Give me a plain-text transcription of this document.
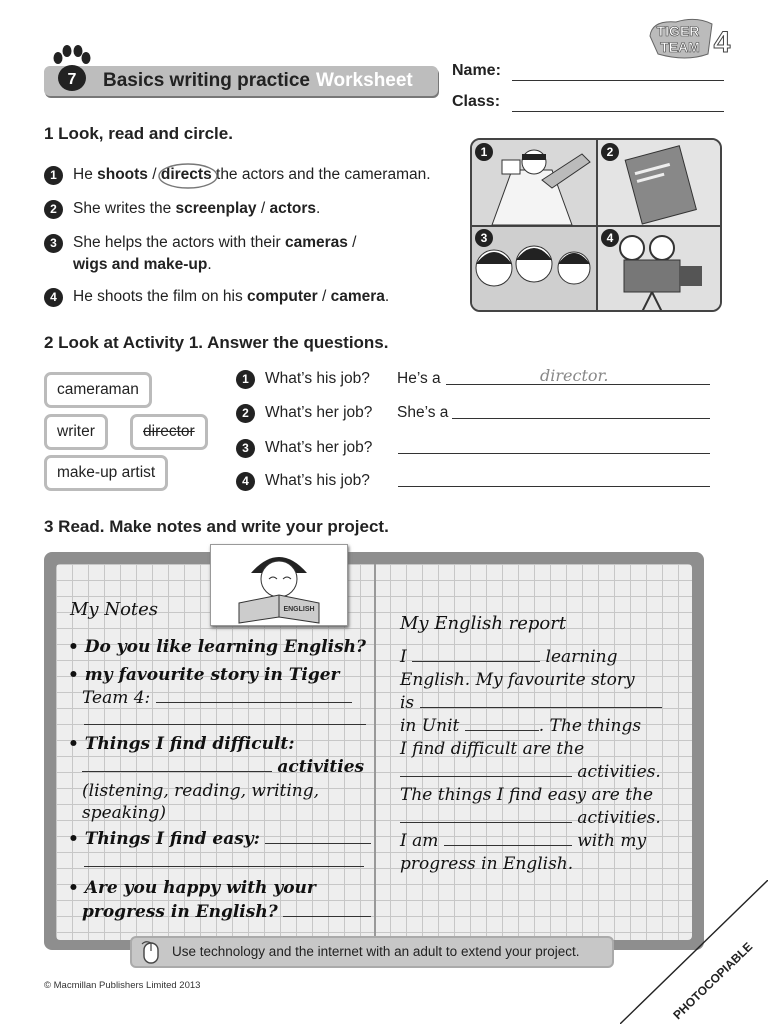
7 Basics writing practice Worksheet
TIGER
TEAM 4
Name:
Class:
1 Look, read and circle.
1	He shoots / directs the actors and the cameraman.
2	She writes the screenplay / actors.
3	She helps the actors with their cameras /
wigs and make-up.
4	He shoots the film on his computer / camera.
1	2
3	4
2 Look at Activity 1. Answer the questions.
cameraman
writer	director
make-up artist
1	What’s his job? He’s a	director.
2	What’s her job? She’s a
3	What’s her job?
4	What’s his job?
3 Read. Make notes and write your project.
ENGLISH
My Notes
• Do you like learning English?
• my favourite story in Tiger
Team 4:
• Things I find difficult:
activities
(listening, reading, writing,
speaking)
• Things I find easy:
• Are you happy with your
progress in English?
My English report
I	learning
English. My favourite story
is
in Unit	. The things
I find difficult are the
activities.
The things I find easy are the
activities.
I am	with my
progress in English.
Use technology and the internet with an adult to extend your project.
© Macmillan Publishers Limited 2013	PHOTOCOPIABLE
